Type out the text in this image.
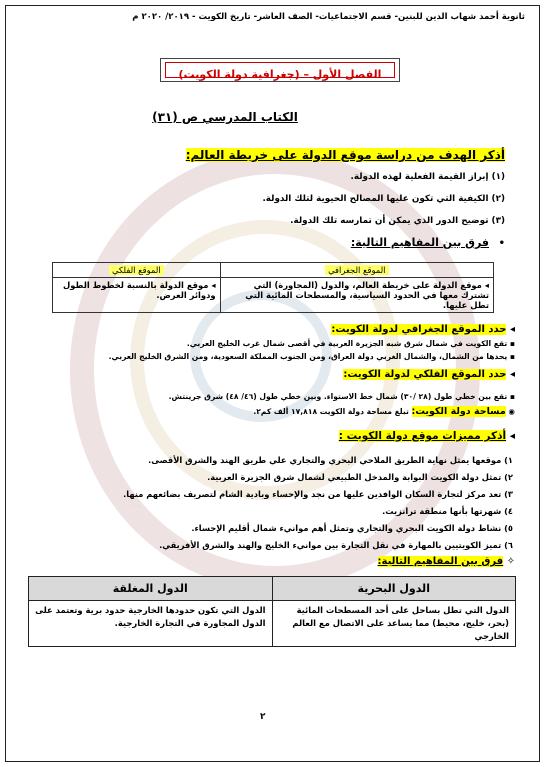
ثانوية أحمد شهاب الدين للبنين- قسم الاجتماعيات- الصف العاشر- تاريخ الكويت - ٢٠١٩/ ٢٠٢٠ م
الفصل الأول – (جغرافية دولة الكويت)
الكتاب المدرسي ص (٣١)
أذكر الهدف من دراسة موقع الدولة على خريطة العالم:
(١) إبراز القيمة الفعلية لهذه الدولة.
(٢) الكيفية التي تكون عليها المصالح الحيوية لتلك الدولة.
(٣) توضيح الدور الذي يمكن أن تمارسه تلك الدولة.
•
فرق بين المفاهيم التالية:
الموقع الجغرافي	الموقع الفلكي
◂ موقع الدولة على خريطة العالم، والدول (المجاورة) التي تشترك معها في الحدود السياسية، والمسطحات المائية التي تطل عليها.	◂ موقع الدولة بالنسبة لخطوط الطول ودوائر العرض.
◂ حدد الموقع الجغرافي لدولة الكويت:
▪ تقع الكويت في شمال شرق شبه الجزيرة العربية في أقصى شمال غرب الخليج العربي.
▪ يحدها من الشمال، والشمال الغربي دولة العراق، ومن الجنوب المملكة السعودية، ومن الشرق الخليج العربي.
◂ حدد الموقع الفلكي لدولة الكويت:
▪ تقع بين خطي طول (٢٨ /٣٠) شمال خط الاستواء. وبين خطي طول (٤٦/ ٤٨) شرق جرينتش.
◉ مساحة دولة الكويت: تبلغ مساحة دولة الكويت ١٧,٨١٨ ألف كم٢.
◂ أذكر مميزات موقع دولة الكويت :
١) موقعها يمثل نهاية الطريق الملاحي البحري والتجاري علي طريق الهند والشرق الأقصى.
٢) تمثل دولة الكويت البوابة والمدخل الطبيعي لشمال شرق الجزيرة العربية.
٣) تعد مركز لتجارة السكان الوافدين عليها من نجد والإحساء وبادية الشام لتصريف بضائعهم منها.
٤) شهرتها بأنها منطقة ترانزيت.
٥) نشاط دولة الكويت البحري والتجاري وتمثل أهم موانيء شمال أقليم الإحساء.
٦) تميز الكويتيين بالمهارة في نقل التجارة بين موانيء الخليج والهند والشرق الأفريقي.
✧ فرق بين المفاهيم التالية:
الدول البحرية	الدول المغلقة
الدول التي تطل بساحل على أحد المسطحات المائية (بحر، خليج، محيط) مما يساعد على الاتصال مع العالم الخارجي	الدول التي تكون حدودها الخارجية حدود برية وتعتمد على الدول المجاورة في التجارة الخارجية.
٢
